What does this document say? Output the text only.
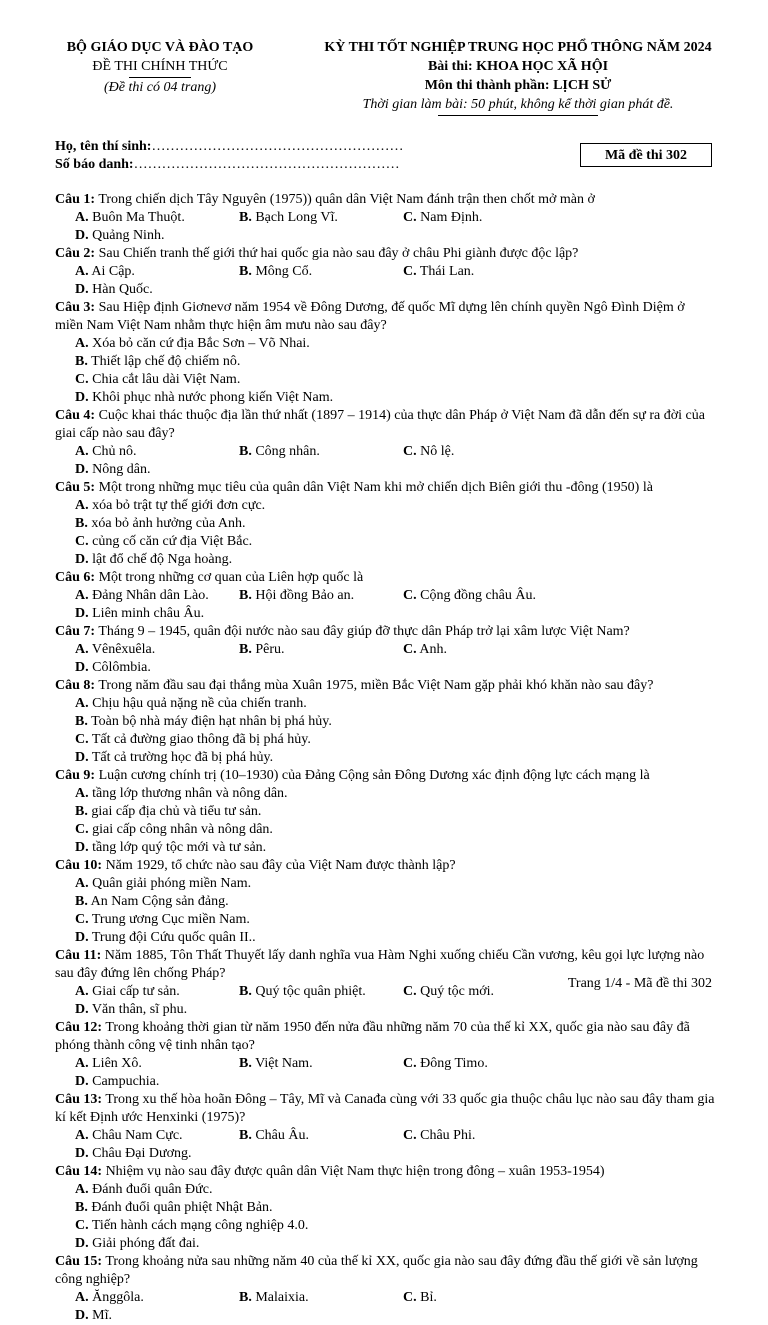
BỘ GIÁO DỤC VÀ ĐÀO TẠO
ĐỀ THI CHÍNH THỨC
(Đề thi có 04 trang)
KỲ THI TỐT NGHIỆP TRUNG HỌC PHỔ THÔNG NĂM 2024
Bài thi: KHOA HỌC XÃ HỘI
Môn thi thành phần: LỊCH SỬ
Thời gian làm bài: 50 phút, không kể thời gian phát đề.
Họ, tên thí sinh:………………………………………………
Số báo danh:…………………………………………………
Mã đề thi 302
Câu 1: Trong chiến dịch Tây Nguyên (1975)) quân dân Việt Nam đánh trận then chốt mở màn ở
A. Buôn Ma Thuột.	B. Bạch Long Vĩ.	C. Nam Định.
D. Quảng Ninh.
Câu 2: Sau Chiến tranh thế giới thứ hai quốc gia nào sau đây ở châu Phi giành được độc lập?
A. Ai Cập.	B. Mông Cổ.	C. Thái Lan.
D. Hàn Quốc.
Câu 3: Sau Hiệp định Giơnevơ năm 1954 về Đông Dương, đế quốc Mĩ dựng lên chính quyền Ngô Đình Diệm ở miền Nam Việt Nam nhằm thực hiện âm mưu nào sau đây?
A. Xóa bỏ căn cứ địa Bắc Sơn – Võ Nhai.
B. Thiết lập chế độ chiếm nô.
C. Chia cắt lâu dài Việt Nam.
D. Khôi phục nhà nước phong kiến Việt Nam.
Câu 4: Cuộc khai thác thuộc địa lần thứ nhất (1897 – 1914) của thực dân Pháp ở Việt Nam đã dẫn đến sự ra đời của giai cấp nào sau đây?
A. Chủ nô.	B. Công nhân.	C. Nô lệ.
D. Nông dân.
Câu 5: Một trong những mục tiêu của quân dân Việt Nam khi mở chiến dịch Biên giới thu -đông (1950) là
A. xóa bỏ trật tự thế giới đơn cực.
B. xóa bỏ ảnh hưởng của Anh.
C. củng cố căn cứ địa Việt Bắc.
D. lật đổ chế độ Nga hoàng.
Câu 6: Một trong những cơ quan của Liên hợp quốc là
A. Đảng Nhân dân Lào.	B. Hội đồng Bảo an.	C. Cộng đồng châu Âu.
D. Liên minh châu Âu.
Câu 7: Tháng 9 – 1945, quân đội nước nào sau đây giúp đỡ thực dân Pháp trở lại xâm lược Việt Nam?
A. Vênêxuêla.	B. Pêru.	C. Anh.
D. Côlômbia.
Câu 8: Trong năm đầu sau đại thắng mùa Xuân 1975, miền Bắc Việt Nam gặp phải khó khăn nào sau đây?
A. Chịu hậu quả nặng nề của chiến tranh.
B. Toàn bộ nhà máy điện hạt nhân bị phá hủy.
C. Tất cả đường giao thông đã bị phá hủy.
D. Tất cả trường học đã bị phá hủy.
Câu 9: Luận cương chính trị (10–1930) của Đảng Cộng sản Đông Dương xác định động lực cách mạng là
A. tầng lớp thương nhân và nông dân.
B. giai cấp địa chủ và tiểu tư sản.
C. giai cấp công nhân và nông dân.
D. tầng lớp quý tộc mới và tư sản.
Câu 10: Năm 1929, tổ chức nào sau đây của Việt Nam được thành lập?
A. Quân giải phóng miền Nam.
B. An Nam Cộng sản đảng.
C. Trung ương Cục miền Nam.
D. Trung đội Cứu quốc quân II..
Câu 11: Năm 1885, Tôn Thất Thuyết lấy danh nghĩa vua Hàm Nghi xuống chiếu Cần vương, kêu gọi lực lượng nào sau đây đứng lên chống Pháp?
A. Giai cấp tư sản.	B. Quý tộc quân phiệt.	C. Quý tộc mới.
D. Văn thân, sĩ phu.
Câu 12: Trong khoảng thời gian từ năm 1950 đến nửa đầu những năm 70 của thế kỉ XX, quốc gia nào sau đây đã phóng thành công vệ tinh nhân tạo?
A. Liên Xô.	B. Việt Nam.	C. Đông Timo.
D. Campuchia.
Câu 13: Trong xu thế hòa hoãn Đông – Tây, Mĩ và Canađa cùng với 33 quốc gia thuộc châu lục nào sau đây tham gia kí kết Định ước Henxinki (1975)?
A. Châu Nam Cực.	B. Châu Âu.	C. Châu Phi.
D. Châu Đại Dương.
Câu 14: Nhiệm vụ nào sau đây được quân dân Việt Nam thực hiện trong đông – xuân 1953-1954)
A. Đánh đuổi quân Đức.
B. Đánh đuổi quân phiệt Nhật Bản.
C. Tiến hành cách mạng công nghiệp 4.0.
D. Giải phóng đất đai.
Câu 15: Trong khoảng nửa sau những năm 40 của thế kỉ XX, quốc gia nào sau đây đứng đầu thế giới về sản lượng công nghiệp?
A. Ănggôla.	B. Malaixia.	C. Bỉ.
D. Mĩ.
Trang 1/4 - Mã đề thi 302
